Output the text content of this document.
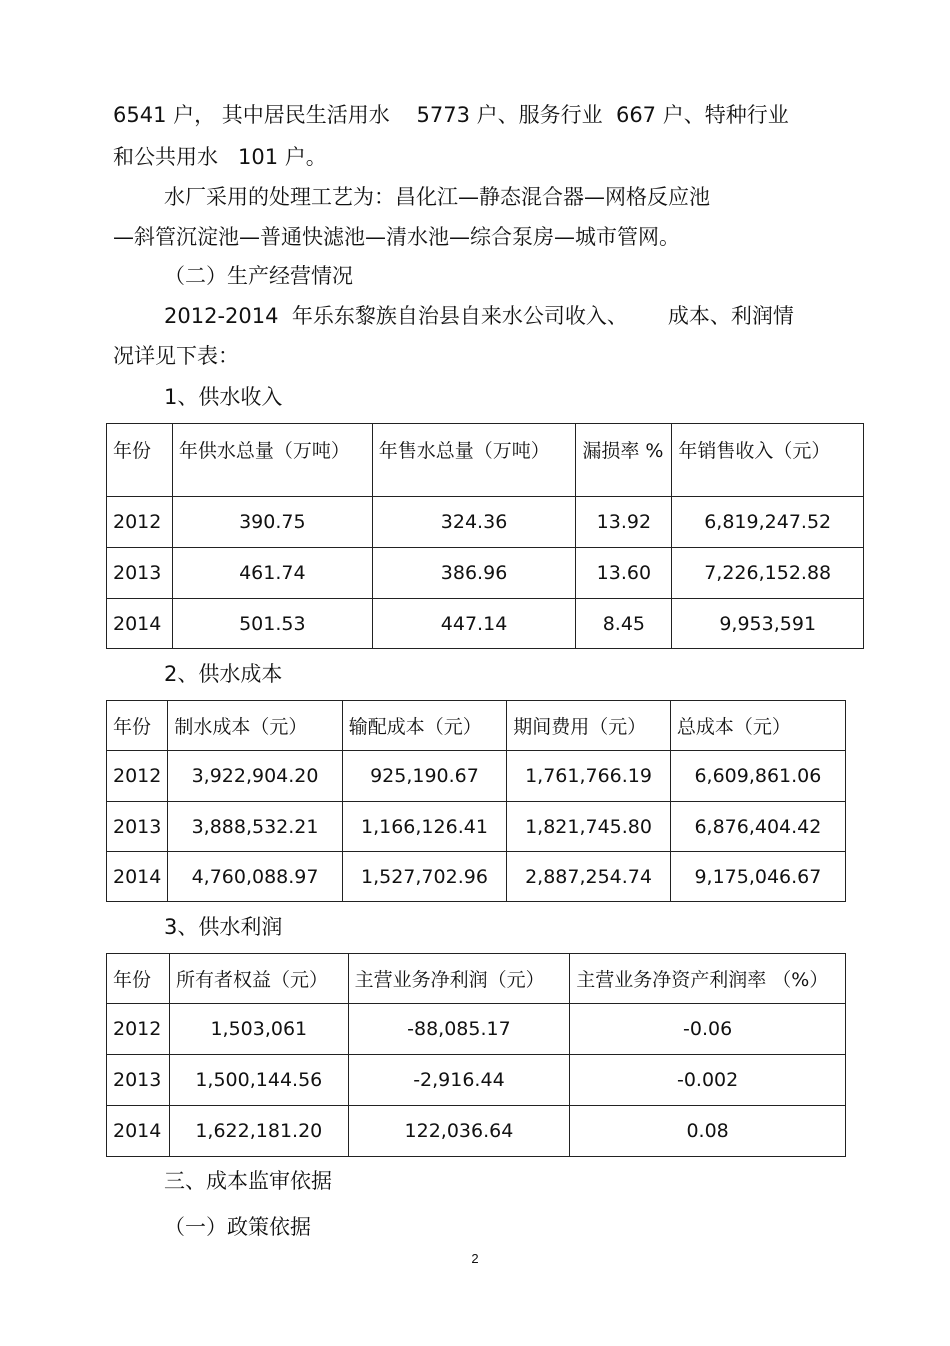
6541 户， 其中居民生活用水    5773 户、服务行业  667 户、特种行业
和公共用水   101 户。
水厂采用的处理工艺为：昌化江—静态混合器—网格反应池
—斜管沉淀池—普通快滤池—清水池—综合泵房—城市管网。
（二）生产经营情况
2012-2014  年乐东黎族自治县自来水公司收入、      成本、利润情
况详见下表：
1、供水收入
年份	年供水总量（万吨）	年售水总量（万吨）	漏损率 %	年销售收入（元）
2012	390.75	324.36	13.92	6,819,247.52
2013	461.74	386.96	13.60	7,226,152.88
2014	501.53	447.14	8.45	9,953,591
2、供水成本
年份	制水成本（元）	输配成本（元）	期间费用（元）	总成本（元）
2012	3,922,904.20	925,190.67	1,761,766.19	6,609,861.06
2013	3,888,532.21	1,166,126.41	1,821,745.80	6,876,404.42
2014	4,760,088.97	1,527,702.96	2,887,254.74	9,175,046.67
3、供水利润
年份	所有者权益（元）	主营业务净利润（元）	主营业务净资产利润率 （%）
2012	1,503,061	-88,085.17	-0.06
2013	1,500,144.56	-2,916.44	-0.002
2014	1,622,181.20	122,036.64	0.08
三、成本监审依据
（一）政策依据
2
